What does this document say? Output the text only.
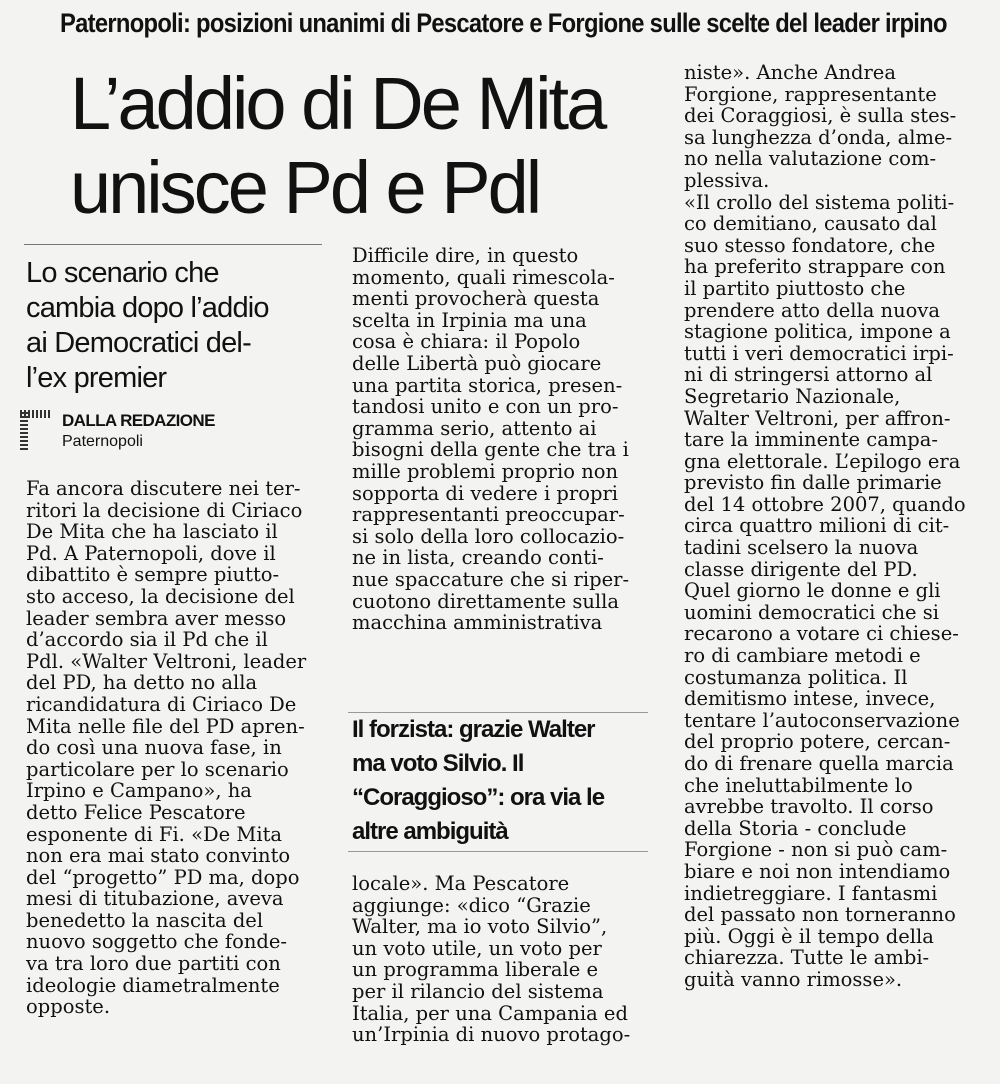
Paternopoli: posizioni unanimi di Pescatore e Forgione sulle scelte del leader irpino
L’addio di De Mita
unisce Pd e Pdl
Lo scenario che
cambia dopo l’addio
ai Democratici del-
l’ex premier
DALLA REDAZIONE
Paternopoli
Fa ancora discutere nei ter-
ritori la decisione di Ciriaco
De Mita che ha lasciato il
Pd. A Paternopoli, dove il
dibattito è sempre piutto-
sto acceso, la decisione del
leader sembra aver messo
d’accordo sia il Pd che il
Pdl. «Walter Veltroni, leader
del PD, ha detto no alla
ricandidatura di Ciriaco De
Mita nelle file del PD apren-
do così una nuova fase, in
particolare per lo scenario
Irpino e Campano», ha
detto Felice Pescatore
esponente di Fi. «De Mita
non era mai stato convinto
del “progetto” PD ma, dopo
mesi di titubazione, aveva
benedetto la nascita del
nuovo soggetto che fonde-
va tra loro due partiti con
ideologie diametralmente
opposte.
Difficile dire, in questo
momento, quali rimescola-
menti provocherà questa
scelta in Irpinia ma una
cosa è chiara: il Popolo
delle Libertà può giocare
una partita storica, presen-
tandosi unito e con un pro-
gramma serio, attento ai
bisogni della gente che tra i
mille problemi proprio non
sopporta di vedere i propri
rappresentanti preoccupar-
si solo della loro collocazio-
ne in lista, creando conti-
nue spaccature che si riper-
cuotono direttamente sulla
macchina amministrativa
Il forzista: grazie Walter
ma voto Silvio. Il
“Coraggioso”: ora via le
altre ambiguità
locale». Ma Pescatore
aggiunge: «dico “Grazie
Walter, ma io voto Silvio”,
un voto utile, un voto per
un programma liberale e
per il rilancio del sistema
Italia, per una Campania ed
un’Irpinia di nuovo protago-
niste». Anche Andrea
Forgione, rappresentante
dei Coraggiosi, è sulla stes-
sa lunghezza d’onda, almе-
no nella valutazione com-
plessiva.
«Il crollo del sistema politi-
co demitiano, causato dal
suo stesso fondatore, che
ha preferito strappare con
il partito piuttosto che
prendere atto della nuova
stagione politica, impone a
tutti i veri democratici irpi-
ni di stringersi attorno al
Segretario Nazionale,
Walter Veltroni, per affron-
tare la imminente campa-
gna elettorale. L’epilogo era
previsto fin dalle primarie
del 14 ottobre 2007, quando
circa quattro milioni di cit-
tadini scelsero la nuova
classe dirigente del PD.
Quel giorno le donne e gli
uomini democratici che si
recarono a votare ci chiese-
ro di cambiare metodi e
costumanza politica. Il
demitismo intese, invece,
tentare l’autoconservazione
del proprio potere, cercan-
do di frenare quella marcia
che ineluttabilmente lo
avrebbe travolto. Il corso
della Storia - conclude
Forgione - non si può cam-
biare e noi non intendiamo
indietreggiare. I fantasmi
del passato non torneranno
più. Oggi è il tempo della
chiarezza. Tutte le ambi-
guità vanno rimosse».
